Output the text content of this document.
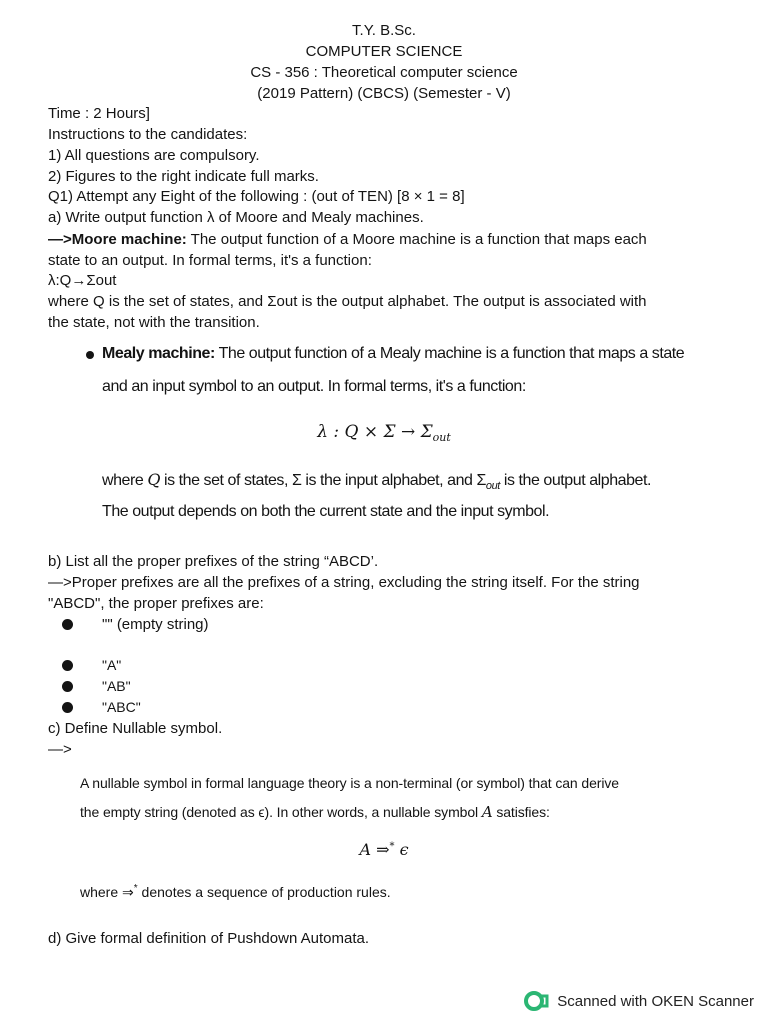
T.Y. B.Sc.
COMPUTER SCIENCE
CS - 356 : Theoretical computer science
(2019 Pattern) (CBCS) (Semester - V)
Time : 2 Hours]
Instructions to the candidates:
1) All questions are compulsory.
2) Figures to the right indicate full marks.
Q1) Attempt any Eight of the following : (out of TEN) [8 × 1 = 8]
a) Write output function λ of Moore and Mealy machines.
—>Moore machine: The output function of a Moore machine is a function that maps each
state to an output. In formal terms, it's a function:
λ:Q→Σout
where Q is the set of states, and Σout is the output alphabet. The output is associated with
the state, not with the transition.
Mealy machine: The output function of a Mealy machine is a function that maps a state
and an input symbol to an output. In formal terms, it's a function:
λ : $Q \times \Sigma \to \Sigma_{out}$
where Q is the set of states, Σ is the input alphabet, and $\Sigma_{out}$ is the output alphabet.
The output depends on both the current state and the input symbol.
b) List all the proper prefixes of the string “ABCD’.
—>Proper prefixes are all the prefixes of a string, excluding the string itself. For the string
"ABCD", the proper prefixes are:
"" (empty string)
"A"
"AB"
"ABC"
c) Define Nullable symbol.
—>
A nullable symbol in formal language theory is a non-terminal (or symbol) that can derive
the empty string (denoted as ϵ). In other words, a nullable symbol A satisfies:
A ⇒* ϵ
where ⇒* denotes a sequence of production rules.
d) Give formal definition of Pushdown Automata.
Scanned with OKEN Scanner
